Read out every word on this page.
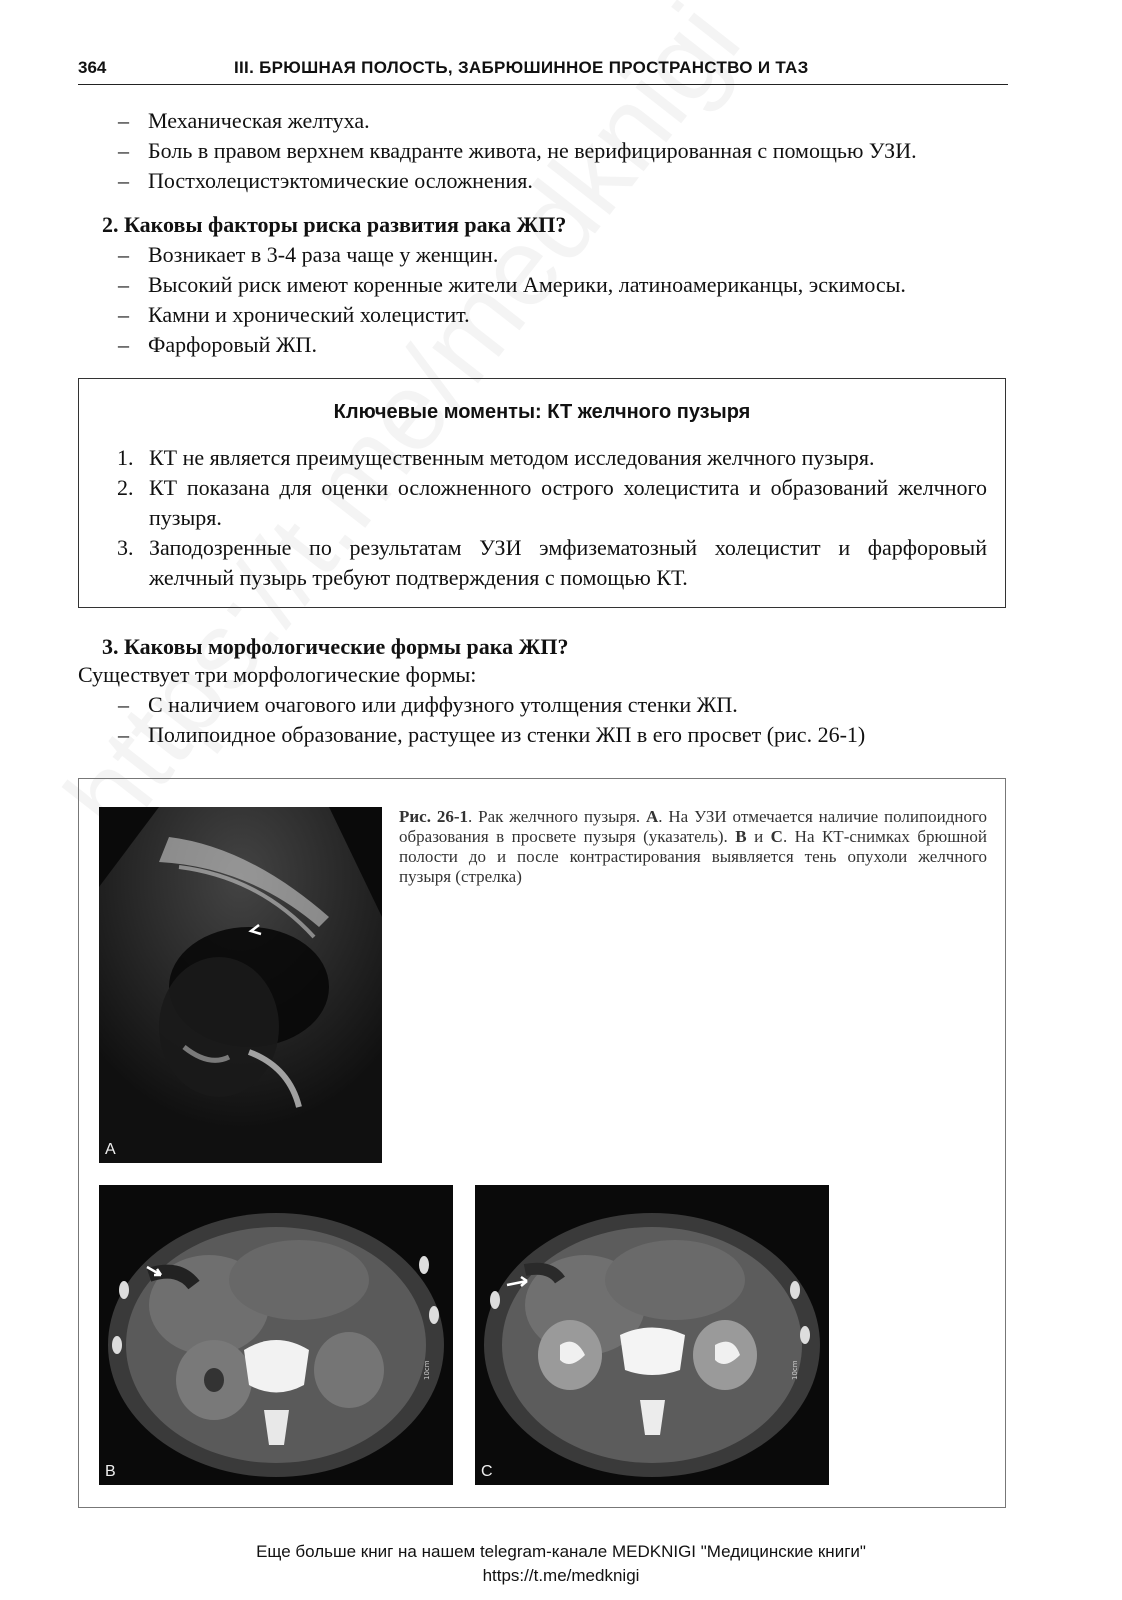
364	III. БРЮШНАЯ ПОЛОСТЬ, ЗАБРЮШИННОЕ ПРОСТРАНСТВО И ТАЗ
– Механическая желтуха.
– Боль в правом верхнем квадранте живота, не верифицированная с помощью УЗИ.
– Постхолецистэктомические осложнения.
2. Каковы факторы риска развития рака ЖП?
– Возникает в 3-4 раза чаще у женщин.
– Высокий риск имеют коренные жители Америки, латиноамериканцы, эскимосы.
– Камни и хронический холецистит.
– Фарфоровый ЖП.
Ключевые моменты: КТ желчного пузыря
1. КТ не является преимущественным методом исследования желчного пузыря.
2. КТ показана для оценки осложненного острого холецистита и образований желчного пузыря.
3. Заподозренные по результатам УЗИ эмфизематозный холецистит и фарфоровый желчный пузырь требуют подтверждения с помощью КТ.
3. Каковы морфологические формы рака ЖП?
Существует три морфологические формы:
– С наличием очагового или диффузного утолщения стенки ЖП.
– Полипоидное образование, растущее из стенки ЖП в его просвет (рис. 26-1)
А
Рис. 26-1. Рак желчного пузыря. А. На УЗИ отмечается наличие полипоидного образования в просвете пузыря (указатель). В и С. На КТ-снимках брюшной полости до и после контрастирования выявляется тень опухоли желчного пузыря (стрелка)
10cm
B
10cm
C
Еще больше книг на нашем telegram-канале MEDKNIGI "Медицинские книги"
https://t.me/medknigi
